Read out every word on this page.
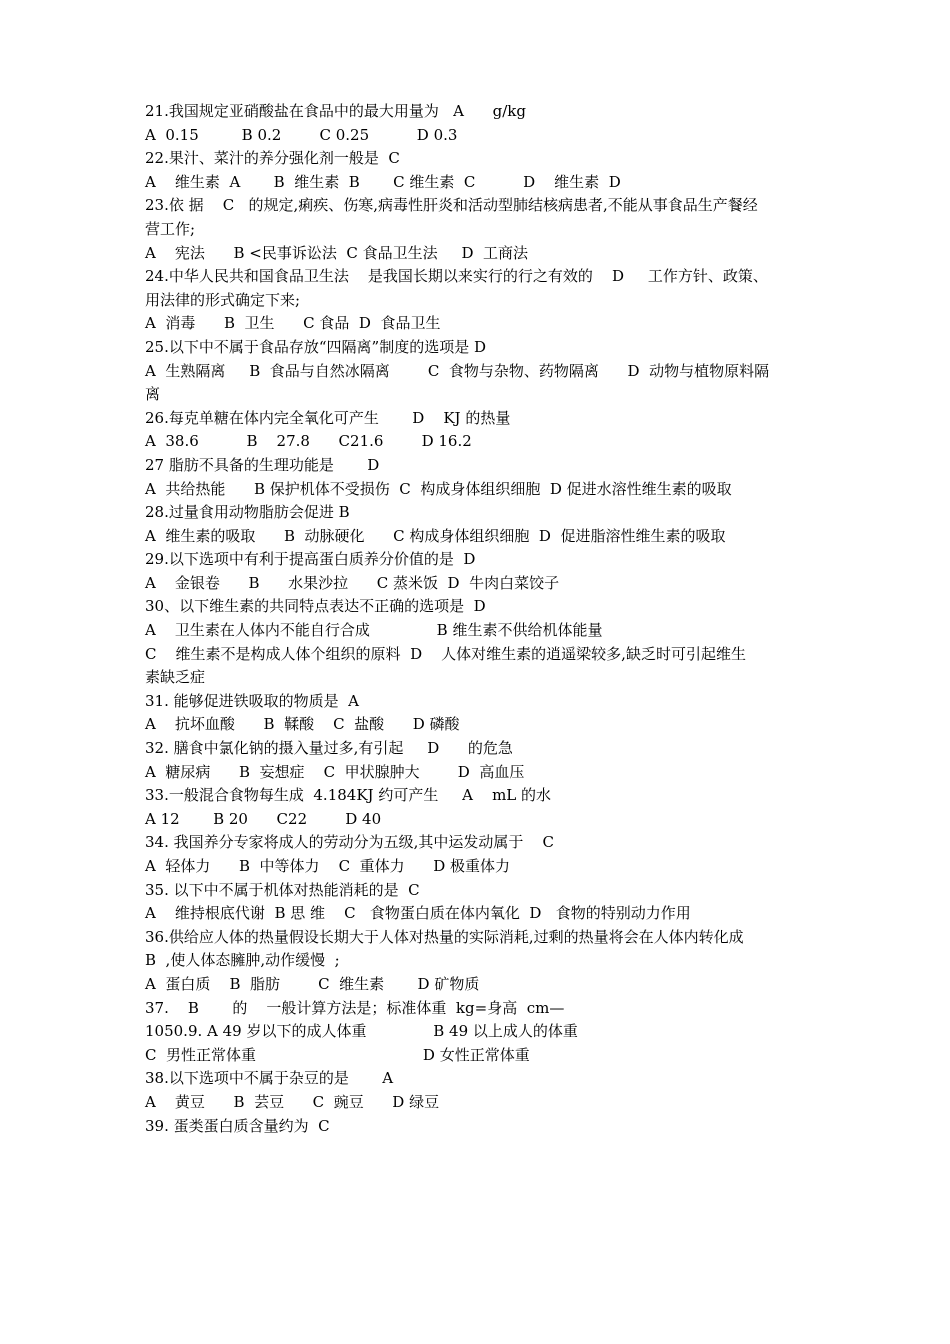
21.我国规定亚硝酸盐在食品中的最大用量为   A      g/kg

A  0.15         B 0.2        C 0.25          D 0.3

22.果汁、菜汁的养分强化剂一般是  C

A    维生素  A       B  维生素  B       C 维生素  C          D    维生素  D

23.依 据    C   的规定,痢疾、伤寒,病毒性肝炎和活动型肺结核病患者,不能从事食品生产餐经

营工作;

A    宪法      B <民事诉讼法  C 食品卫生法     D  工商法

24.中华人民共和国食品卫生法    是我国长期以来实行的行之有效的    D     工作方针、政策、

用法律的形式确定下来;

A  消毒      B  卫生      C 食品  D  食品卫生

25.以下中不属于食品存放“四隔离”制度的选项是 D

A  生熟隔离     B  食品与自然冰隔离        C  食物与杂物、药物隔离      D  动物与植物原料隔

离

26.每克单糖在体内完全氧化可产生       D    KJ 的热量

A  38.6          B    27.8      C21.6        D 16.2

27 脂肪不具备的生理功能是       D

A  共给热能      B 保护机体不受损伤  C  构成身体组织细胞  D 促进水溶性维生素的吸取

28.过量食用动物脂肪会促进 B

A  维生素的吸取      B  动脉硬化      C 构成身体组织细胞  D  促进脂溶性维生素的吸取

29.以下选项中有利于提高蛋白质养分价值的是  D

A    金银卷      B      水果沙拉      C 蒸米饭  D  牛肉白菜饺子

30、以下维生素的共同特点表达不正确的选项是  D

A    卫生素在人体内不能自行合成              B 维生素不供给机体能量

C    维生素不是构成人体个组织的原料  D    人体对维生素的逍遥梁较多,缺乏时可引起维生

素缺乏症

31. 能够促进铁吸取的物质是  A

A    抗坏血酸      B  鞣酸    C  盐酸      D 磷酸

32. 膳食中氯化钠的摄入量过多,有引起     D      的危急

A  糖尿病      B  妄想症    C  甲状腺肿大        D  高血压

33.一般混合食物每生成  4.184KJ 约可产生     A    mL 的水

A 12       B 20      C22        D 40

34. 我国养分专家将成人的劳动分为五级,其中运发动属于    C

A  轻体力      B  中等体力    C  重体力      D 极重体力

35. 以下中不属于机体对热能消耗的是  C

A    维持根底代谢  B 思 维    C   食物蛋白质在体内氧化  D   食物的特别动力作用

36.供给应人体的热量假设长期大于人体对热量的实际消耗,过剩的热量将会在人体内转化成

B  ,使人体态臃肿,动作缓慢  ;

A  蛋白质    B  脂肪        C  维生素       D 矿物质

37.    B       的    一般计算方法是；标准体重  kg=身高  cm—

1050.9. A 49 岁以下的成人体重              B 49 以上成人的体重

C  男性正常体重                                   D 女性正常体重

38.以下选项中不属于杂豆的是       A

A    黄豆      B  芸豆      C  豌豆      D 绿豆

39. 蛋类蛋白质含量约为  C
